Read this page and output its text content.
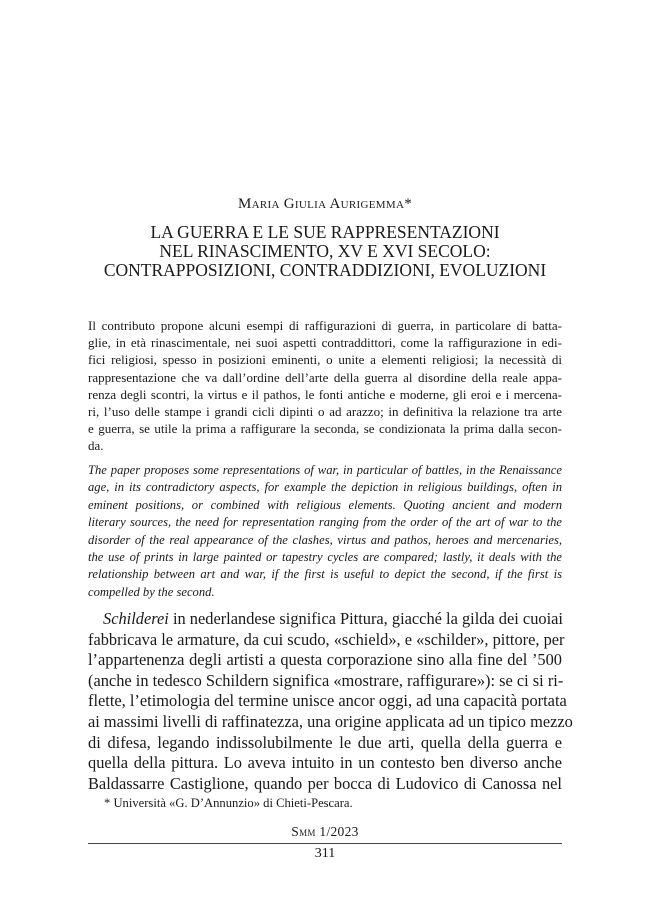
Maria Giulia Aurigemma*
LA GUERRA E LE SUE RAPPRESENTAZIONI
NEL RINASCIMENTO, XV E XVI SECOLO:
CONTRAPPOSIZIONI, CONTRADDIZIONI, EVOLUZIONI
Il contributo propone alcuni esempi di raffigurazioni di guerra, in particolare di batta-
glie, in età rinascimentale, nei suoi aspetti contraddittori, come la raffigurazione in edi-
fici religiosi, spesso in posizioni eminenti, o unite a elementi religiosi; la necessità di
rappresentazione che va dall’ordine dell’arte della guerra al disordine della reale appa-
renza degli scontri, la virtus e il pathos, le fonti antiche e moderne, gli eroi e i mercena-
ri, l’uso delle stampe i grandi cicli dipinti o ad arazzo; in definitiva la relazione tra arte
e guerra, se utile la prima a raffigurare la seconda, se condizionata la prima dalla secon-
da.
The paper proposes some representations of war, in particular of battles, in the Renaissance
age, in its contradictory aspects, for example the depiction in religious buildings, often in
eminent positions, or combined with religious elements. Quoting ancient and modern
literary sources, the need for representation ranging from the order of the art of war to the
disorder of the real appearance of the clashes, virtus and pathos, heroes and mercenaries,
the use of prints in large painted or tapestry cycles are compared; lastly, it deals with the
relationship between art and war, if the first is useful to depict the second, if the first is
compelled by the second.
Schilderei in nederlandese significa Pittura, giacché la gilda dei cuoiai
fabbricava le armature, da cui scudo, «schield», e «schilder», pittore, per
l’appartenenza degli artisti a questa corporazione sino alla fine del ’500
(anche in tedesco Schildern significa «mostrare, raffigurare»): se ci si ri-
flette, l’etimologia del termine unisce ancor oggi, ad una capacità portata
ai massimi livelli di raffinatezza, una origine applicata ad un tipico mezzo
di difesa, legando indissolubilmente le due arti, quella della guerra e
quella della pittura. Lo aveva intuito in un contesto ben diverso anche
Baldassarre Castiglione, quando per bocca di Ludovico di Canossa nel
* Università «G. D’Annunzio» di Chieti-Pescara.
Smm 1/2023
311
